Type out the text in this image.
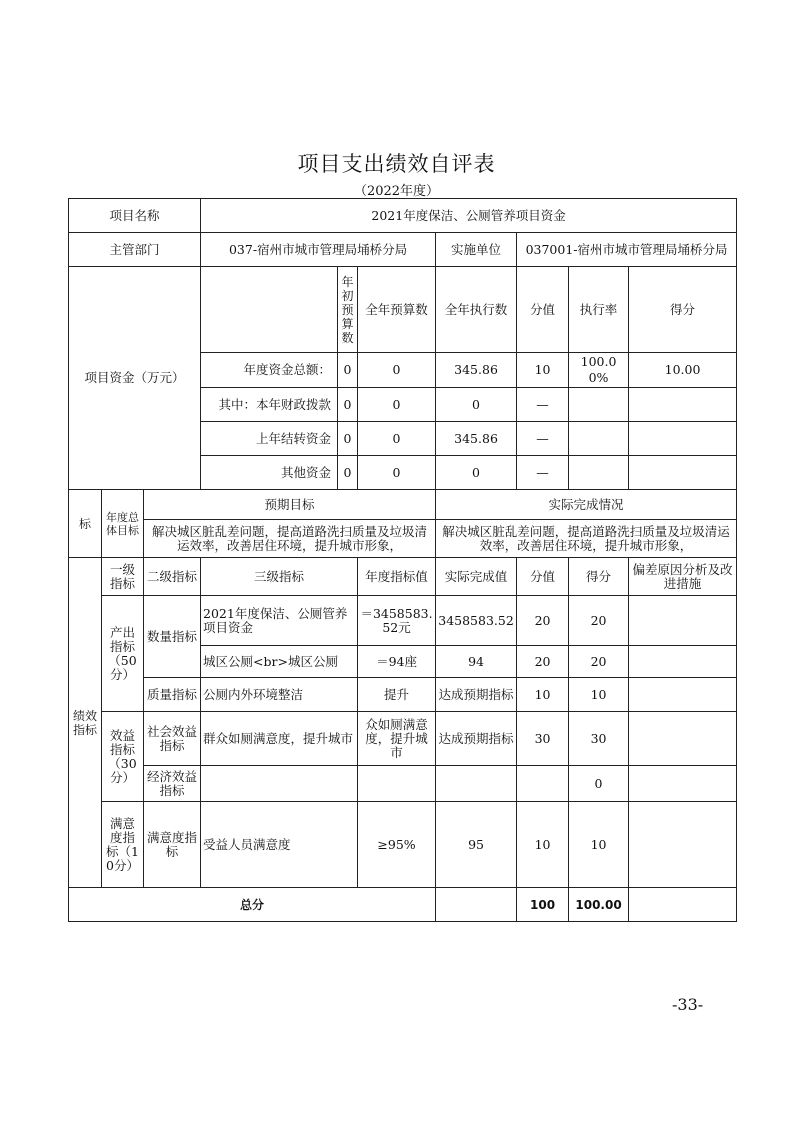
项目支出绩效自评表
（2022年度）
项目名称			2021年度保洁、公厕管养项目资金						
主管部门			037-宿州市城市管理局埇桥分局			实施单位	037001-宿州市城市管理局埇桥分局		
项目资金（万元）				年初预算数	全年预算数	全年执行数	分值	执行率	得分
			年度资金总额：	0	0	345.86	10	100.00%	10.00
			其中：本年财政拨款	0	0	0	—		
			上年结转资金	0	0	345.86	—		
			其他资金	0	0	0	—		
标	年度总体目标	预期目标				实际完成情况			
		解决城区脏乱差问题，提高道路洗扫质量及垃圾清运效率，改善居住环境，提升城市形象，				解决城区脏乱差问题，提高道路洗扫质量及垃圾清运效率，改善居住环境，提升城市形象，			
绩效指标	一级指标	二级指标	三级指标		年度指标值	实际完成值	分值	得分	偏差原因分析及改进措施
	产出指标（50分）	数量指标	2021年度保洁、公厕管养项目资金		＝3458583.52元	3458583.52	20	20	
			城区公厕<br>城区公厕		＝94座	94	20	20	
		质量指标	公厕内外环境整洁		提升	达成预期指标	10	10	
	效益指标（30分）	社会效益指标	群众如厕满意度，提升城市		众如厕满意度，提升城市	达成预期指标	30	30	
		经济效益指标						0	
	满意度指标（10分）	满意度指标	受益人员满意度		≥95%	95	10	10	
总分							100	100.00	
-33-
